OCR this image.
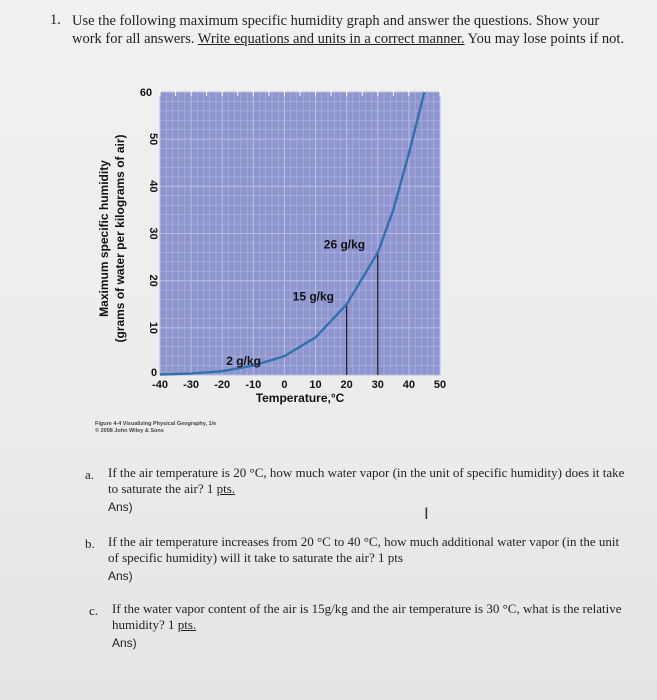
1. Use the following maximum specific humidity graph and answer the questions. Show your work for all answers. Write equations and units in a correct manner. You may lose points if not.
26 g/kg
15 g/kg
2 g/kg
0
10
20
30
40
50
60
-40 -30 -20 -10 0 10 20 30 40 50
Temperature,°C
Maximum specific humidity (grams of water per kilograms of air)
Figure 4-4 Visualizing Physical Geography, 1/e
© 2008 John Wiley & Sons
a. If the air temperature is 20 °C, how much water vapor (in the unit of specific humidity) does it take to saturate the air? 1 pts.
Ans)	I
b. If the air temperature increases from 20 °C to 40 °C, how much additional water vapor (in the unit of specific humidity) will it take to saturate the air? 1 pts
Ans)
c. If the water vapor content of the air is 15g/kg and the air temperature is 30 °C, what is the relative humidity? 1 pts.
Ans)
